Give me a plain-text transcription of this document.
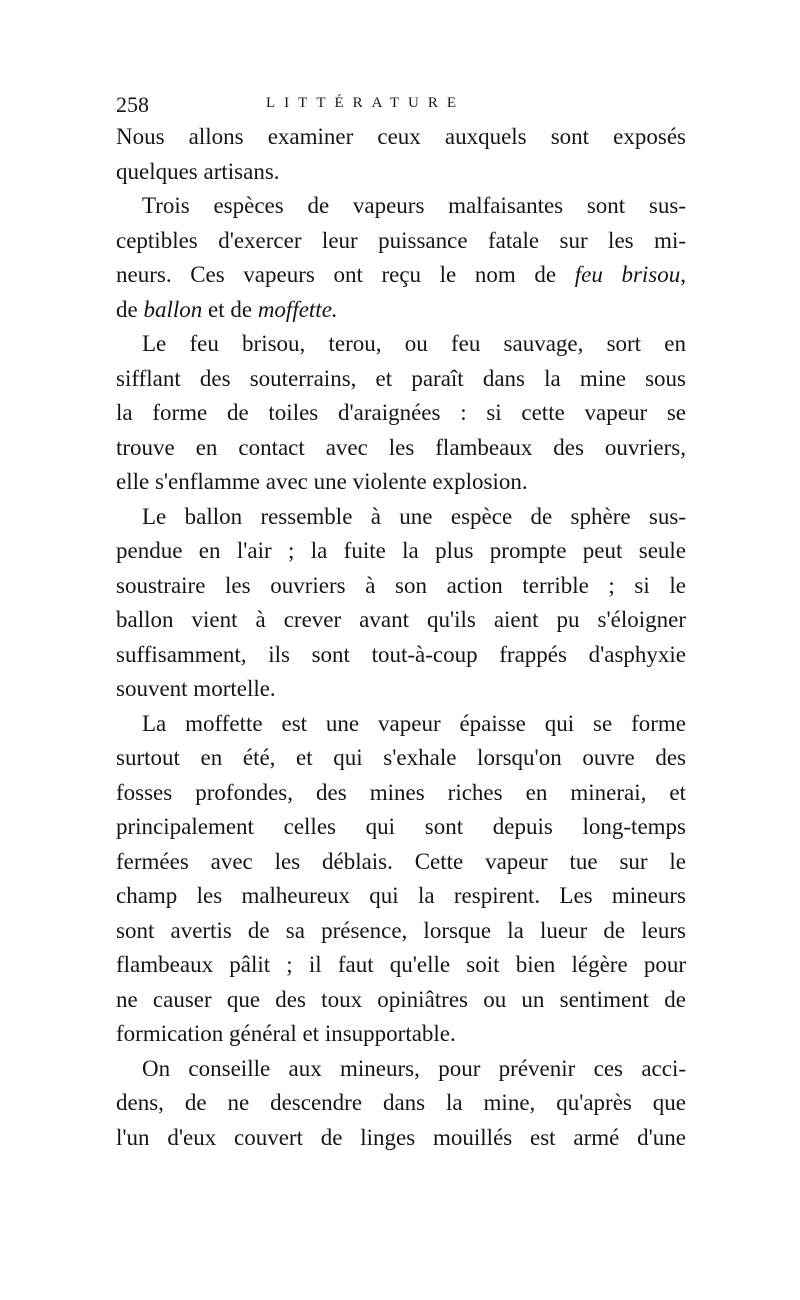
258	LITTÉRATURE
Nous allons examiner ceux auxquels sont exposés
quelques artisans.
Trois espèces de vapeurs malfaisantes sont sus-
ceptibles d'exercer leur puissance fatale sur les mi-
neurs. Ces vapeurs ont reçu le nom de feu brisou,
de ballon et de moffette.
Le feu brisou, terou, ou feu sauvage, sort en
sifflant des souterrains, et paraît dans la mine sous
la forme de toiles d'araignées : si cette vapeur se
trouve en contact avec les flambeaux des ouvriers,
elle s'enflamme avec une violente explosion.
Le ballon ressemble à une espèce de sphère sus-
pendue en l'air ; la fuite la plus prompte peut seule
soustraire les ouvriers à son action terrible ; si le
ballon vient à crever avant qu'ils aient pu s'éloigner
suffisamment, ils sont tout-à-coup frappés d'asphyxie
souvent mortelle.
La moffette est une vapeur épaisse qui se forme
surtout en été, et qui s'exhale lorsqu'on ouvre des
fosses profondes, des mines riches en minerai, et
principalement celles qui sont depuis long-temps
fermées avec les déblais. Cette vapeur tue sur le
champ les malheureux qui la respirent. Les mineurs
sont avertis de sa présence, lorsque la lueur de leurs
flambeaux pâlit ; il faut qu'elle soit bien légère pour
ne causer que des toux opiniâtres ou un sentiment de
formication général et insupportable.
On conseille aux mineurs, pour prévenir ces acci-
dens, de ne descendre dans la mine, qu'après que
l'un d'eux couvert de linges mouillés est armé d'une
